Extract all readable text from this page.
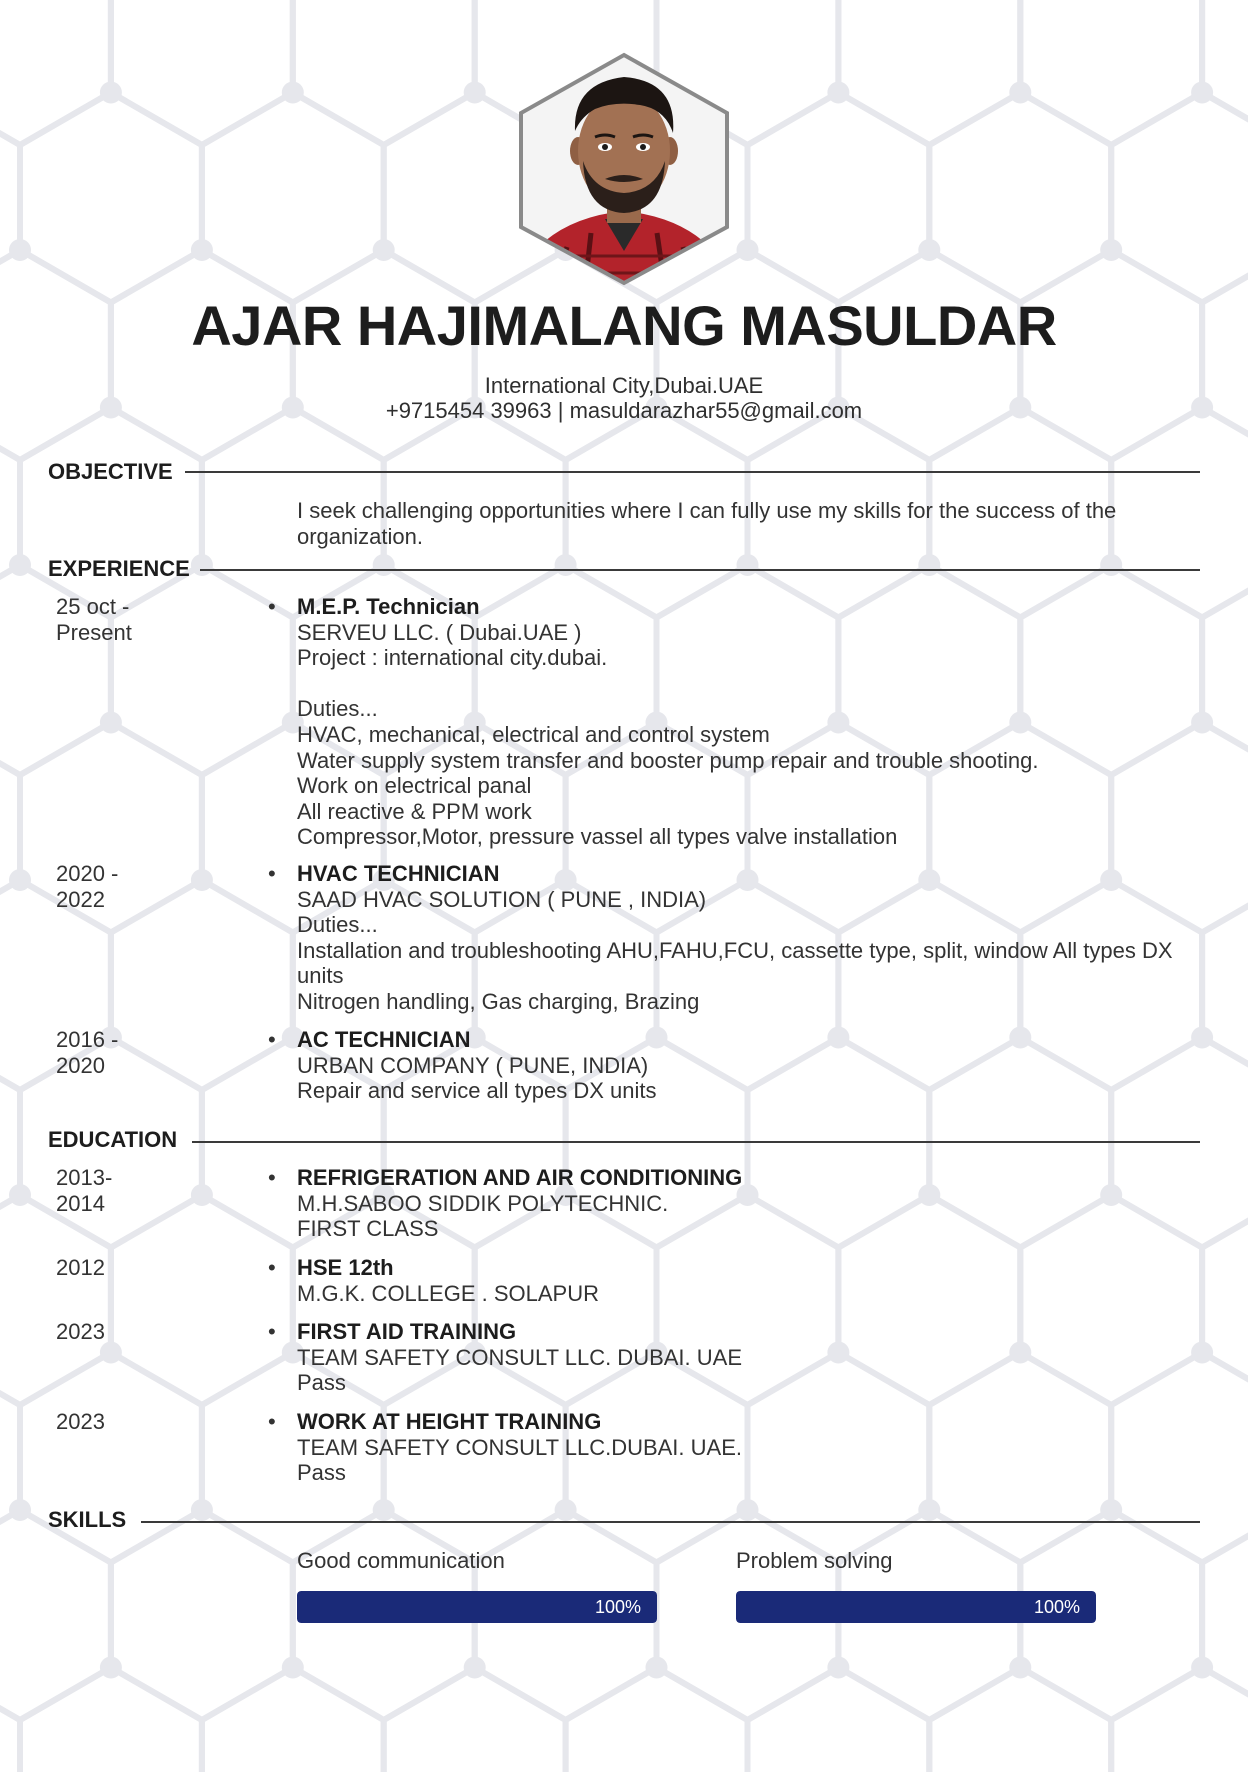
AJAR HAJIMALANG MASULDAR
International City,Dubai.UAE
+9715454 39963 | masuldarazhar55@gmail.com
OBJECTIVE
I seek challenging opportunities where I can fully use my skills for the success of the organization.
EXPERIENCE
25 oct -
Present
• M.E.P. Technician
SERVEU LLC. ( Dubai.UAE )
Project : international city.dubai.

Duties...
HVAC, mechanical, electrical and control system
Water supply system transfer and booster pump repair and trouble shooting.
Work on electrical panal
All reactive & PPM work
Compressor,Motor, pressure vassel all types valve installation
2020 -
2022
• HVAC TECHNICIAN
SAAD HVAC SOLUTION ( PUNE , INDIA)
Duties...
Installation and troubleshooting AHU,FAHU,FCU, cassette type, split, window All types DX units
Nitrogen handling, Gas charging, Brazing
2016 -
2020
• AC TECHNICIAN
URBAN COMPANY ( PUNE, INDIA)
Repair and service all types DX units
EDUCATION
2013-
2014
• REFRIGERATION AND AIR CONDITIONING
M.H.SABOO SIDDIK POLYTECHNIC.
FIRST CLASS
2012	• HSE 12th
M.G.K. COLLEGE . SOLAPUR
2023	• FIRST AID TRAINING
TEAM SAFETY CONSULT LLC. DUBAI. UAE
Pass
2023	• WORK AT HEIGHT TRAINING
TEAM SAFETY CONSULT LLC.DUBAI. UAE.
Pass
SKILLS
Good communication
100%
Problem solving
100%
